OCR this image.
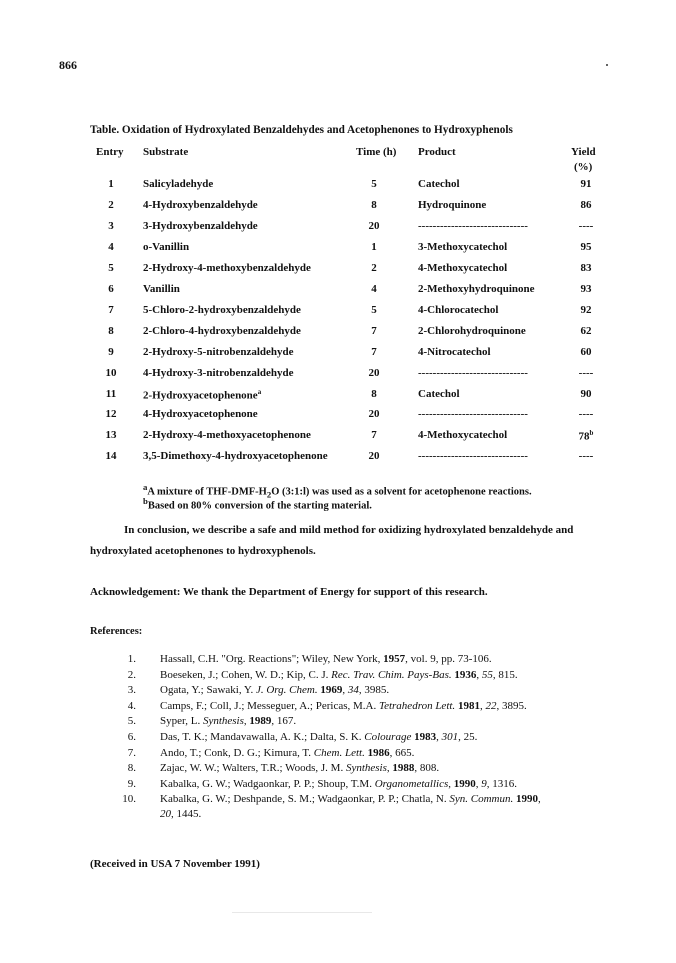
866
Table. Oxidation of Hydroxylated Benzaldehydes and Acetophenones to Hydroxyphenols
Entry Substrate	Time (h) Product	Yield
(%)
1	Salicyladehyde	5	Catechol	91
2	4-Hydroxybenzaldehyde	8	Hydroquinone	86
3	3-Hydroxybenzaldehyde	20	------------------------------	----
4	o-Vanillin	1	3-Methoxycatechol	95
5	2-Hydroxy-4-methoxybenzaldehyde	2	4-Methoxycatechol	83
6	Vanillin	4	2-Methoxyhydroquinone	93
7	5-Chloro-2-hydroxybenzaldehyde	5	4-Chlorocatechol	92
8	2-Chloro-4-hydroxybenzaldehyde	7	2-Chlorohydroquinone	62
9	2-Hydroxy-5-nitrobenzaldehyde	7	4-Nitrocatechol	60
10	4-Hydroxy-3-nitrobenzaldehyde	20	------------------------------	----
11	2-Hydroxyacetophenone$^a$	8	Catechol	90
12	4-Hydroxyacetophenone	20	------------------------------	----
13	2-Hydroxy-4-methoxyacetophenone	7	4-Methoxycatechol	78$^b$
14	3,5-Dimethoxy-4-hydroxyacetophenone	20	------------------------------	----
$^a$A mixture of THF-$DMF-H_2O$ (3:1:l) was used as a solvent for acetophenone reactions.
$^b$Based on 80% conversion of the starting material.
In conclusion, we describe a safe and mild method for oxidizing hydroxylated benzaldehyde and
hydroxylated acetophenones to hydroxyphenols.
Acknowledgement: We thank the Department of Energy for support of this research.
References:
1. Hassall, C.H. "Org. Reactions"; Wiley, New York, 1957, vol. 9, pp. 73-106.
2. Boeseken, J.; Cohen, W. D.; Kip, C. J. Rec. Trav. Chim. Pays-Bas. 1936, 55, 815.
3. Ogata, Y.; Sawaki, Y. J. Org. Chem. 1969, 34, 3985.
4. Camps, F.; Coll, J.; Messeguer, A.; Pericas, M.A. Tetrahedron Lett. 1981, 22, 3895.
5. Syper, L. Synthesis, 1989, 167.
6. Das, T. K.; Mandavawalla, A. K.; Dalta, S. K. Colourage 1983, 301, 25.
7. Ando, T.; Conk, D. G.; Kimura, T. Chem. Lett. 1986, 665.
8. Zajac, W. W.; Walters, T.R.; Woods, J. M. Synthesis, 1988, 808.
9. Kabalka, G. W.; Wadgaonkar, P. P.; Shoup, T.M. Organometallics, 1990, 9, 1316.
10. Kabalka, G. W.; Deshpande, S. M.; Wadgaonkar, P. P.; Chatla, N. Syn. Commun. 1990,
20, 1445.
(Received in USA 7 November 1991)
